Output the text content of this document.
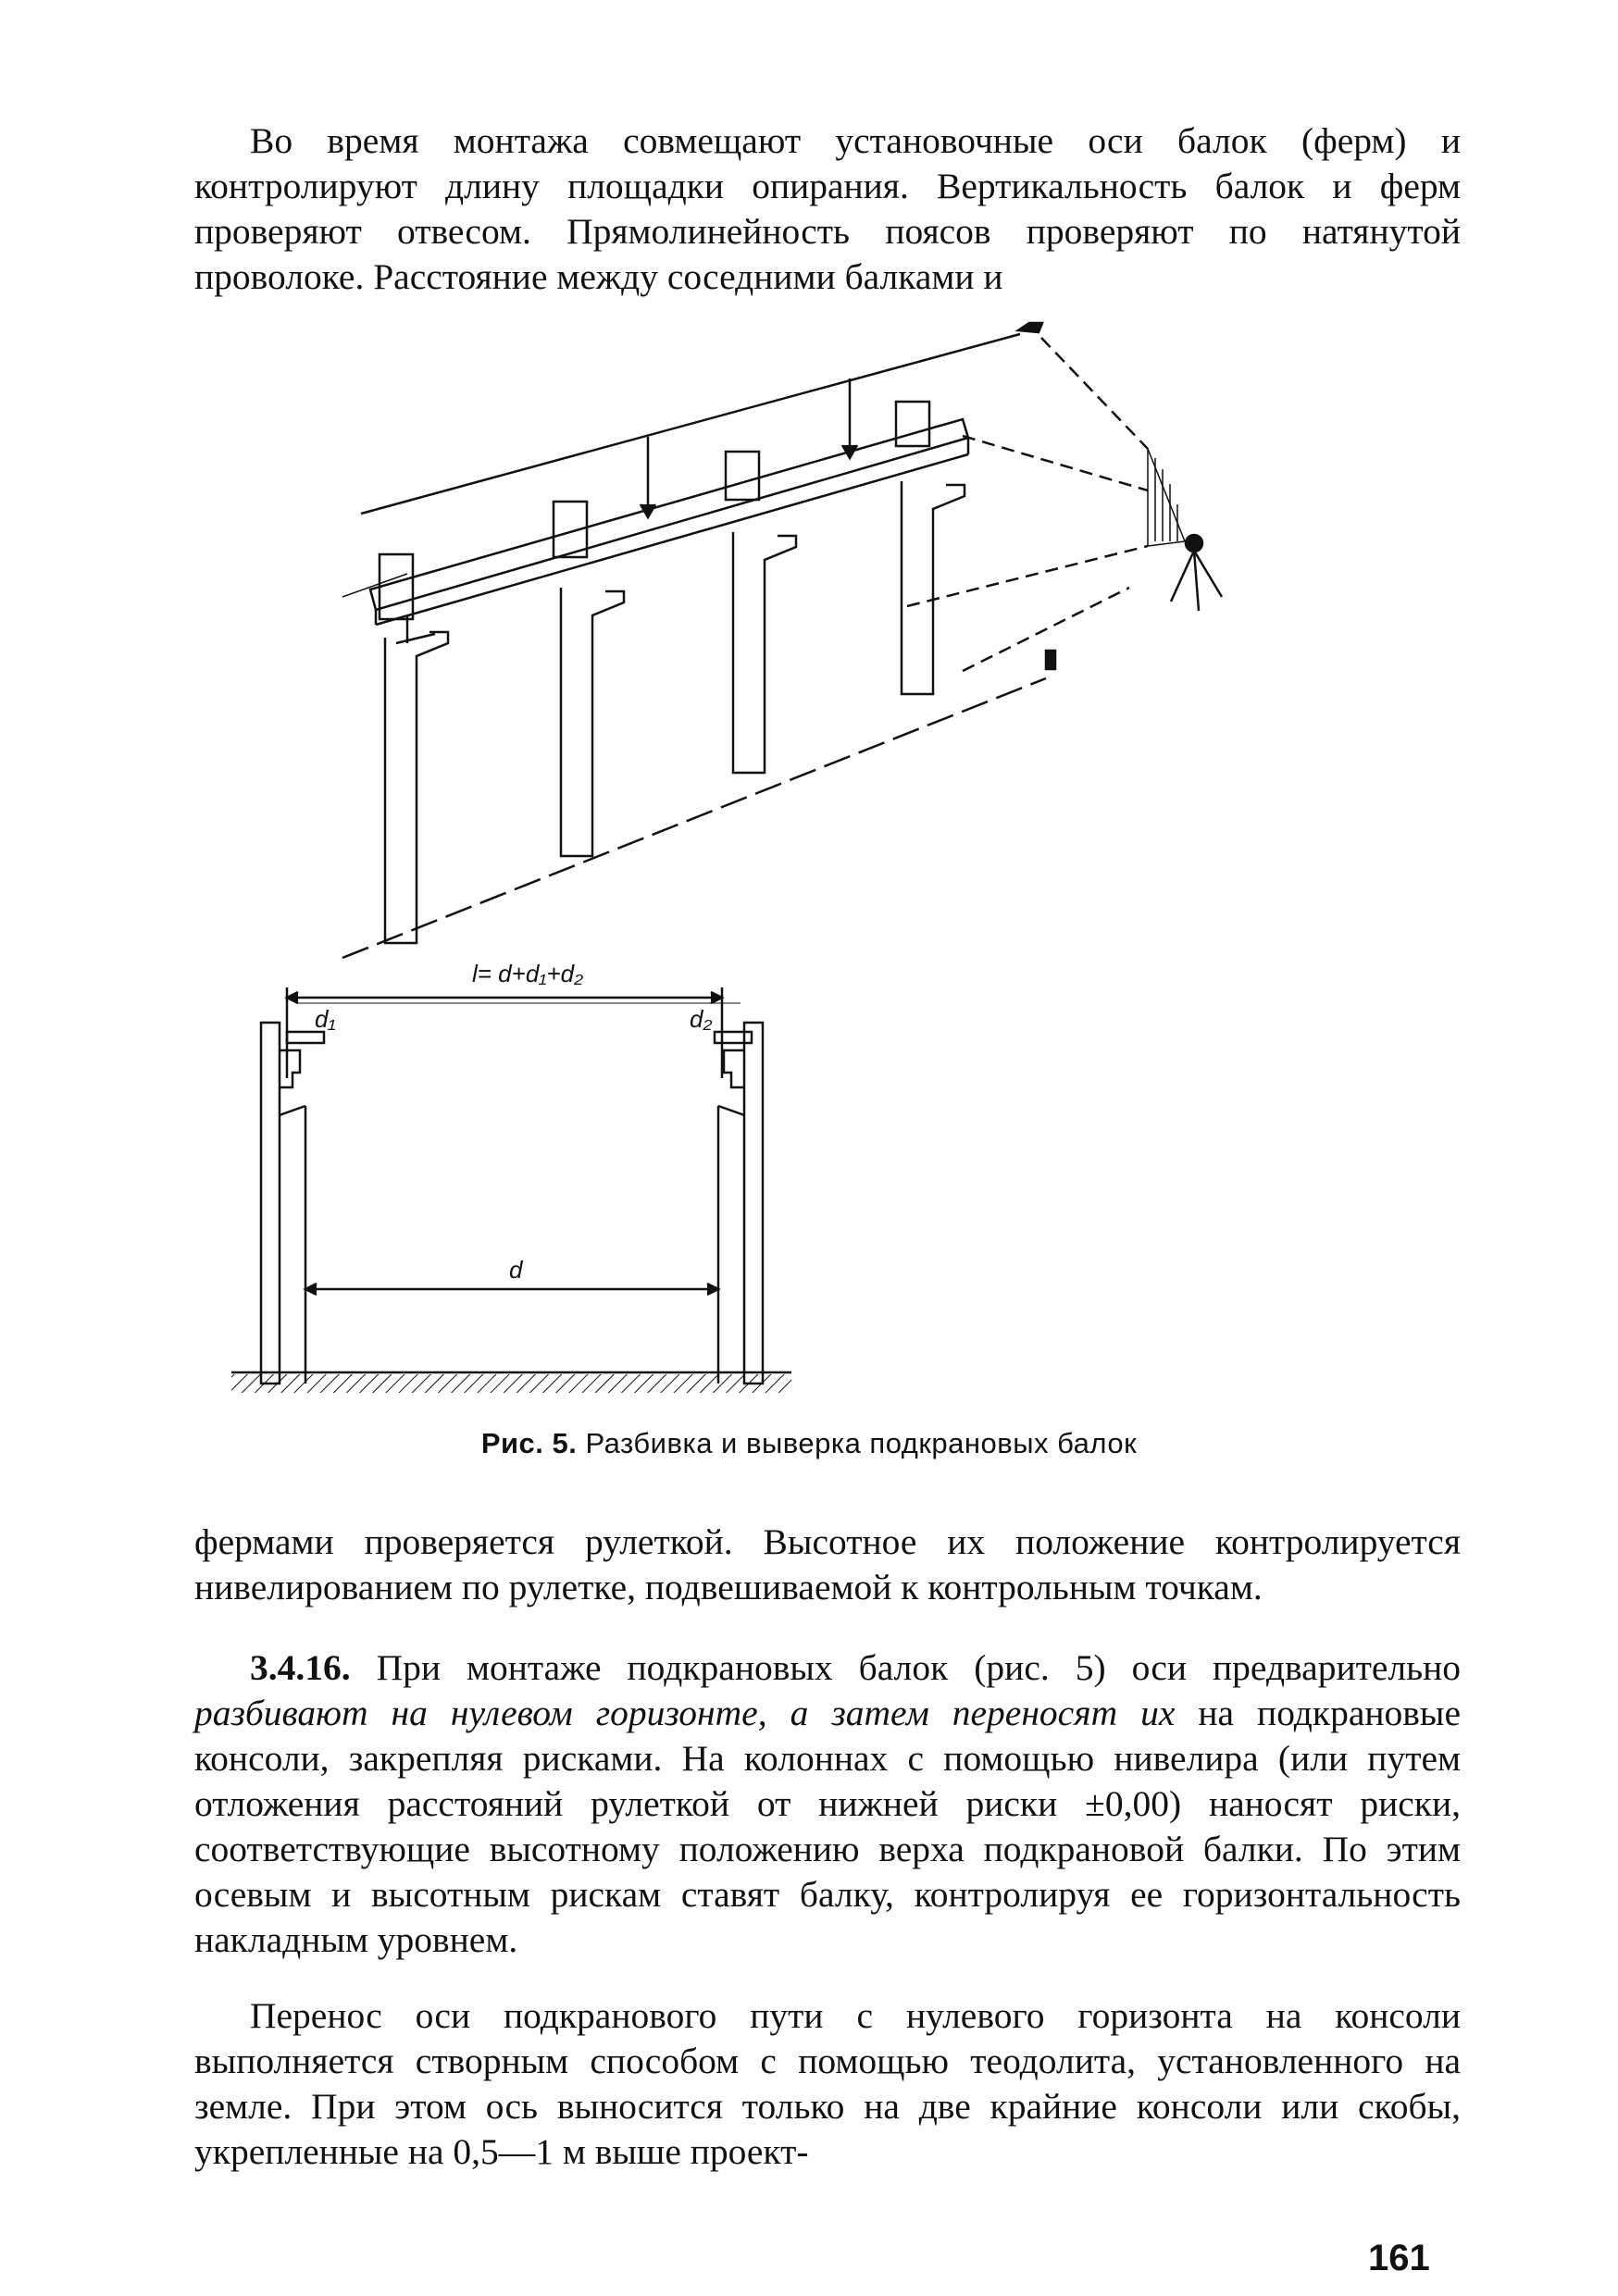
Во время монтажа совмещают установочные оси балок (ферм) и контролируют длину площадки опирания. Вертикальность балок и ферм проверяют отвесом. Прямолинейность поясов проверяют по натянутой проволоке. Расстояние между соседними балками и

l= d+d₁+d₂
d₁	d₂
d
Рис. 5. Разбивка и выверка подкрановых балок

фермами проверяется рулеткой. Высотное их положение контролируется нивелированием по рулетке, подвешиваемой к контрольным точкам.

3.4.16. При монтаже подкрановых балок (рис. 5) оси предварительно разбивают на нулевом горизонте, а затем переносят их на подкрановые консоли, закрепляя рисками. На колоннах с помощью нивелира (или путем отложения расстояний рулеткой от нижней риски ±0,00) наносят риски, соответствующие высотному положению верха подкрановой балки. По этим осевым и высотным рискам ставят балку, контролируя ее горизонтальность накладным уровнем.

Перенос оси подкранового пути с нулевого горизонта на консоли выполняется створным способом с помощью теодолита, установленного на земле. При этом ось выносится только на две крайние консоли или скобы, укрепленные на 0,5—1 м выше проект-

161
